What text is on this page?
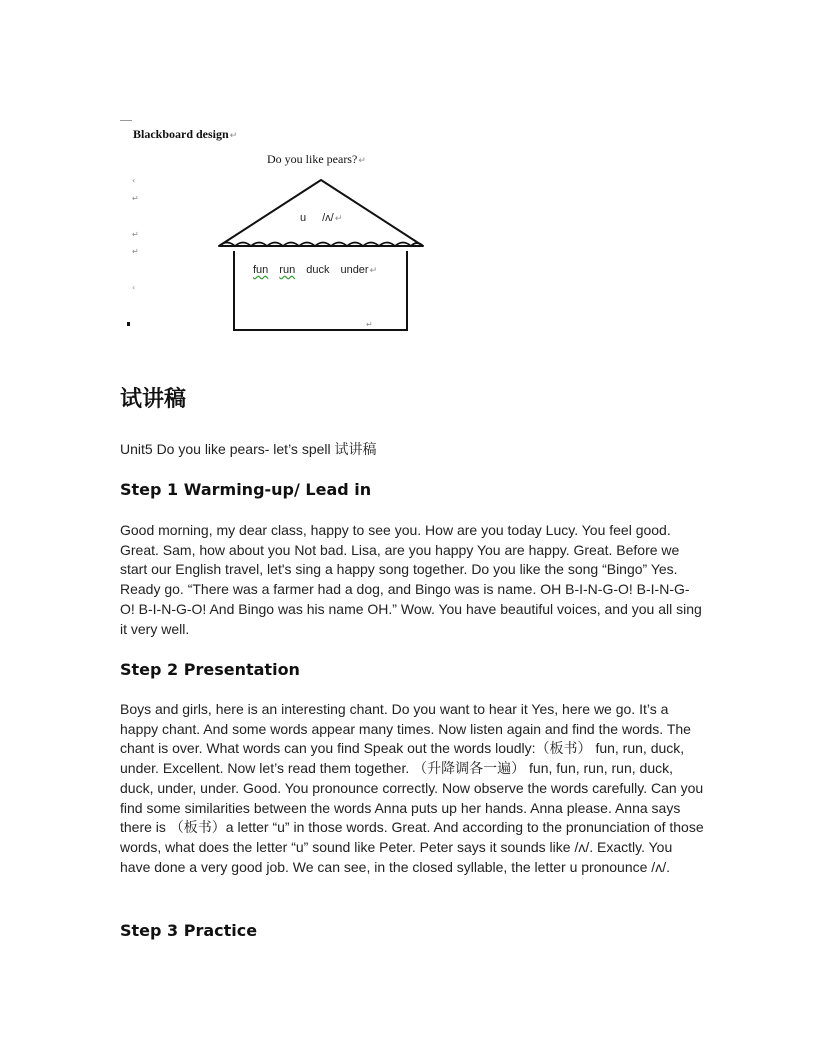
Blackboard design↵
‹
↵
↵
↵
‹
Do you like pears?↵
u /ʌ/↵
fun run duck under↵
↵
试讲稿

Unit5 Do you like pears- let’s spell 试讲稿

Step 1 Warming-up/ Lead in

Good morning, my dear class, happy to see you. How are you today Lucy. You feel good. Great. Sam, how about you Not bad. Lisa, are you happy You are happy. Great. Before we start our English travel, let's sing a happy song together. Do you like the song “Bingo” Yes. Ready go. “There was a farmer had a dog, and Bingo was is name. OH B-I-N-G-O! B-I-N-G-O! B-I-N-G-O! And Bingo was his name OH.” Wow. You have beautiful voices, and you all sing it very well.

Step 2 Presentation

Boys and girls, here is an interesting chant. Do you want to hear it Yes, here we go. It’s a happy chant. And some words appear many times. Now listen again and find the words. The chant is over. What words can you find Speak out the words loudly:（板书） fun, run, duck, under. Excellent. Now let’s read them together. （升降调各一遍） fun, fun, run, run, duck, duck, under, under. Good. You pronounce correctly. Now observe the words carefully. Can you find some similarities between the words Anna puts up her hands. Anna please. Anna says there is （板书）a letter “u” in those words. Great. And according to the pronunciation of those words, what does the letter “u” sound like Peter. Peter says it sounds like /ʌ/. Exactly. You have done a very good job. We can see, in the closed syllable, the letter u pronounce /ʌ/.

Step 3 Practice
